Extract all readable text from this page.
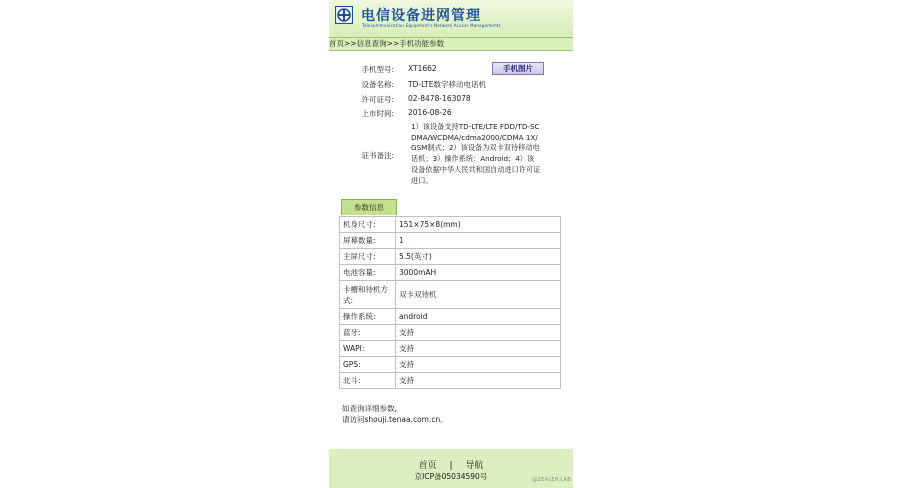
电信设备进网管理
Telecommunication Equipment's Network Access Managements
首页>>信息查询>>手机功能参数
手机型号: XT1662	手机图片
设备名称: TD-LTE数字移动电话机
许可证号: 02-8478-163078
上市时间: 2016-08-26
证书备注:
1）该设备支持TD-LTE/LTE FDD/TD-SCDMA/WCDMA/cdma2000/CDMA 1X/GSM制式；2）该设备为双卡双待移动电话机；3）操作系统：Android；4）该设备依据中华人民共和国自动进口许可证进口。
参数信息
机身尺寸:	151×75×8(mm)
屏幕数量:	1
主屏尺寸:	5.5(英寸)
电池容量:	3000mAH
卡槽和待机方式:	双卡双待机
操作系统:	android
蓝牙:	支持
WAPI:	支持
GPS:	支持
北斗:	支持
如查询详细参数,
请访问shouji.tenaa.com.cn。
首页 | 导航
京ICP备05034590号	@ZEALER.LAB
